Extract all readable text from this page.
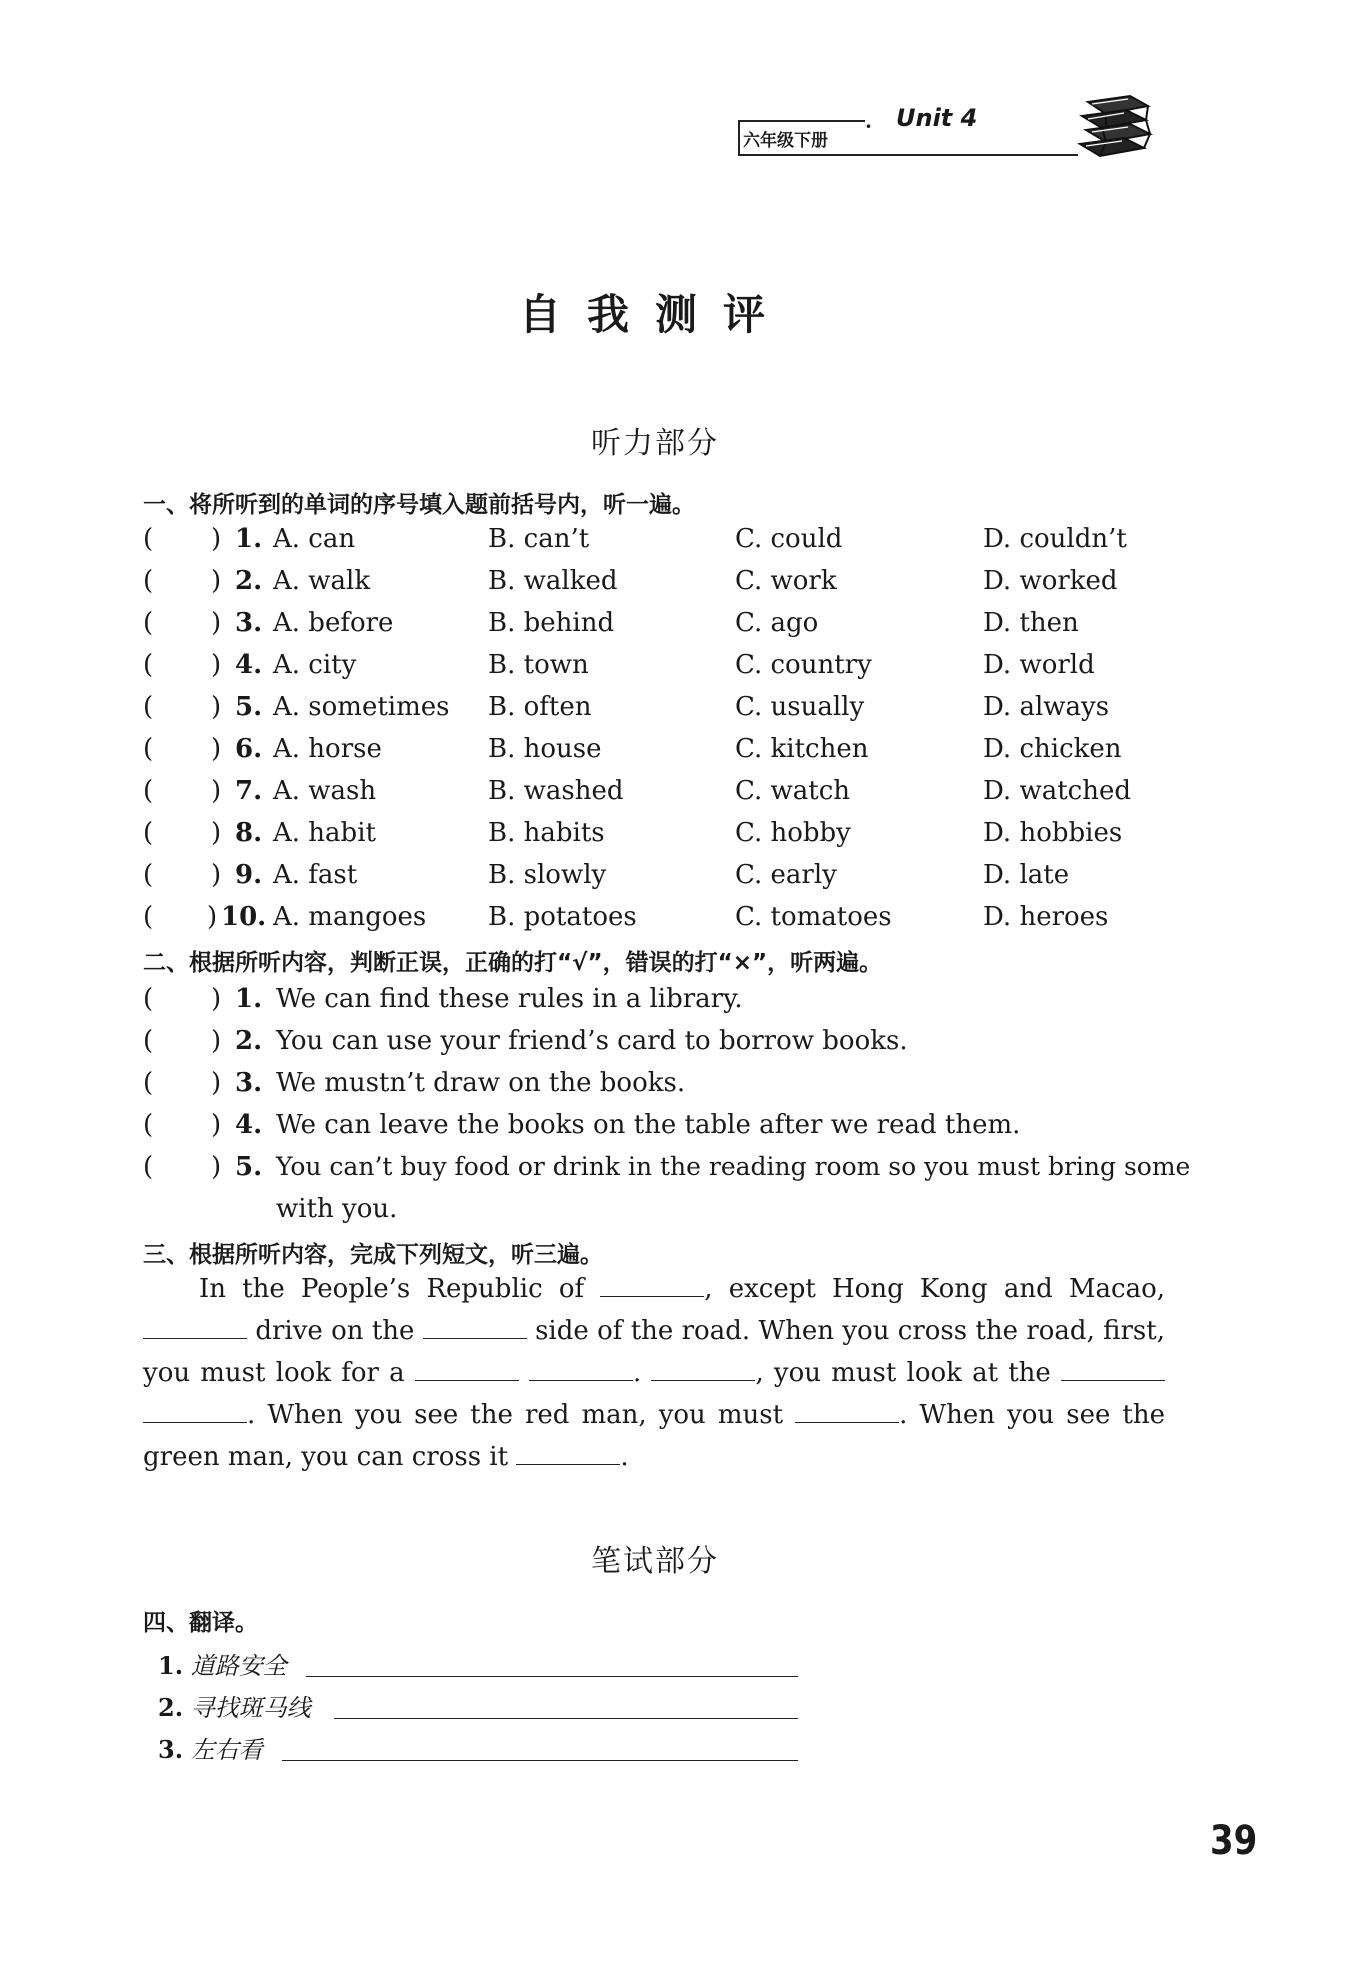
六年级下册
· Unit 4
自我测评
听力部分
一、将所听到的单词的序号填入题前括号内，听一遍。
( ) 1. A. can	B. can’t	C. could	D. couldn’t
( ) 2. A. walk	B. walked	C. work	D. worked
( ) 3. A. before	B. behind	C. ago	D. then
( ) 4. A. city	B. town	C. country	D. world
( ) 5. A. sometimes B. often	C. usually	D. always
( ) 6. A. horse	B. house	C. kitchen	D. chicken
( ) 7. A. wash	B. washed	C. watch	D. watched
( ) 8. A. habit	B. habits	C. hobby	D. hobbies
( ) 9. A. fast	B. slowly	C. early	D. late
( ) 10. A. mangoes B. potatoes	C. tomatoes	D. heroes
二、根据所听内容，判断正误，正确的打“√”，错误的打“×”，听两遍。
( ) 1. We can find these rules in a library.
( ) 2. You can use your friend’s card to borrow books.
( ) 3. We mustn’t draw on the books.
( ) 4. We can leave the books on the table after we read them.
( ) 5. You can’t buy food or drink in the reading room so you must bring some
with you.
三、根据所听内容，完成下列短文，听三遍。

In the People’s Republic of	, except Hong Kong and Macao,  drive on the	side of the road. When you cross the road, first, you must look for a	.	, you must look at the  . When you see the red man, you must	. When you see the green man, you can cross it	.

笔试部分
四、翻译。
1. 道路安全
2. 寻找斑马线
3. 左右看
39
